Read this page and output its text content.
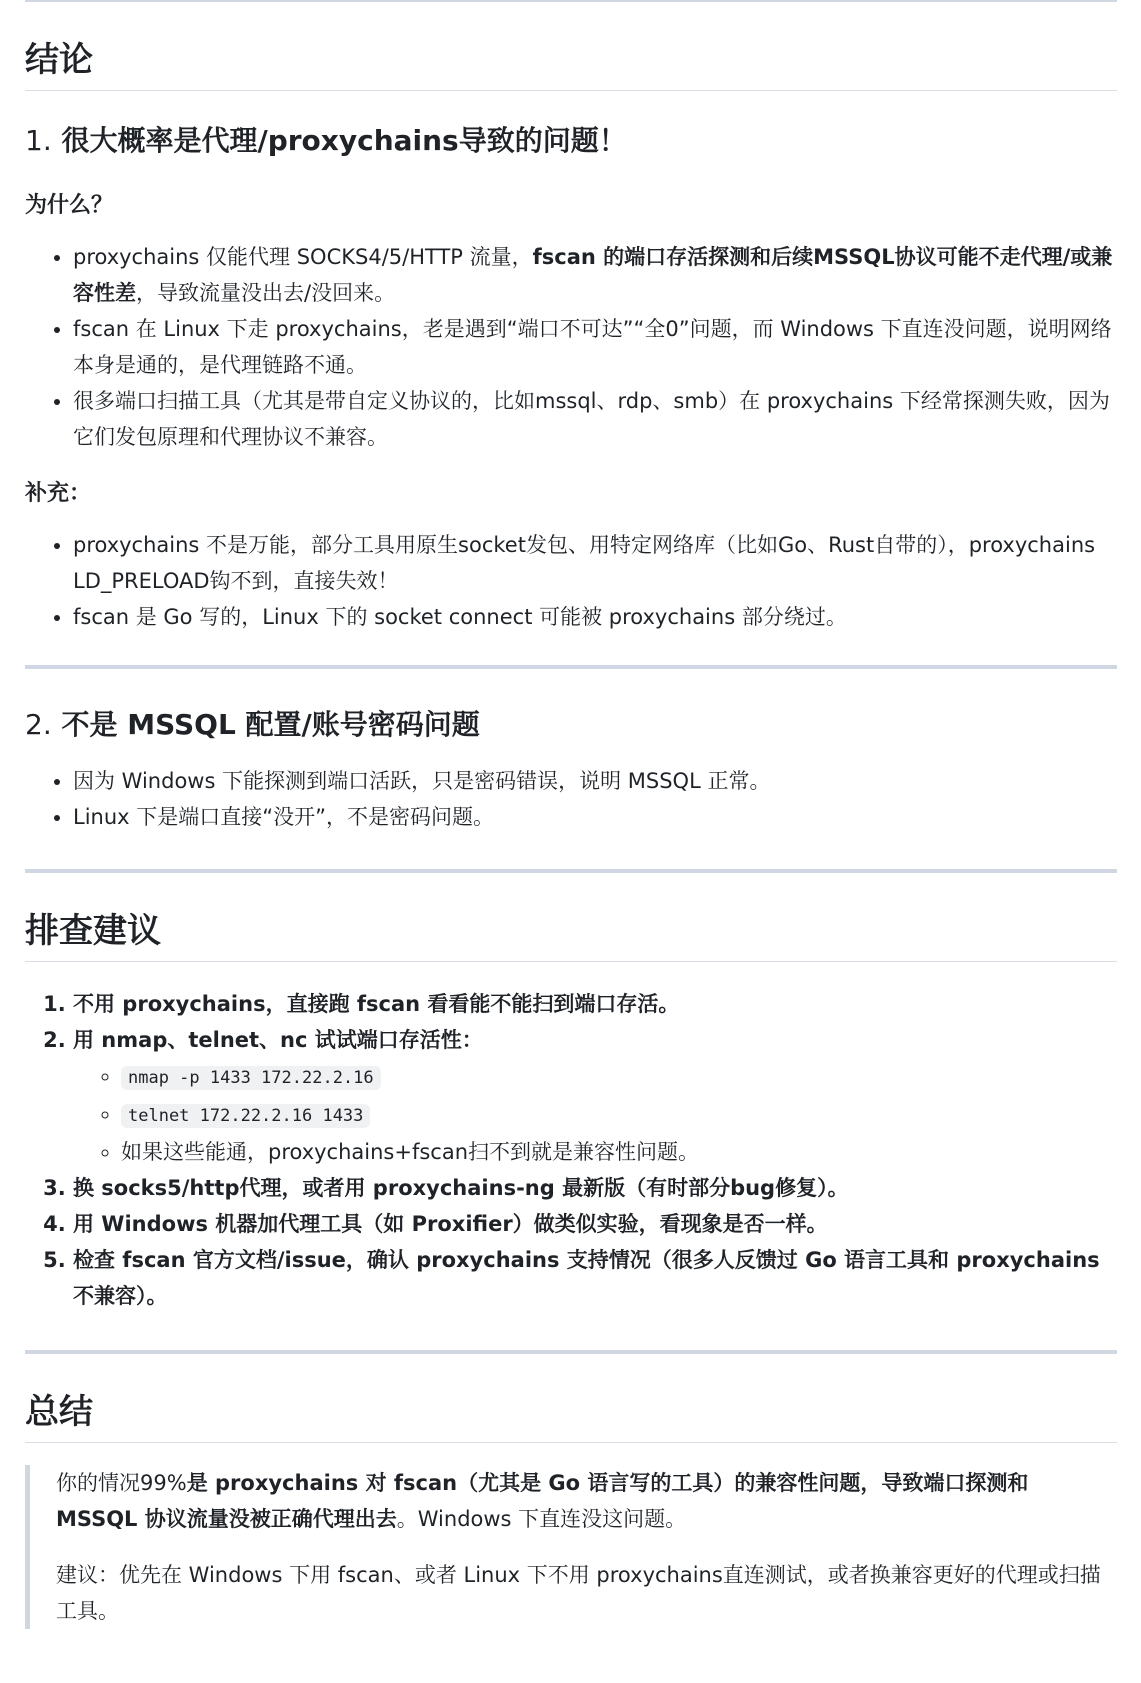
结论
1. 很大概率是代理/proxychains导致的问题！
为什么？
• proxychains 仅能代理 SOCKS4/5/HTTP 流量，fscan 的端口存活探测和后续MSSQL协议可能不走代理/或兼容性差，导致流量没出去/没回来。
• fscan 在 Linux 下走 proxychains，老是遇到“端口不可达”“全0”问题，而 Windows 下直连没问题，说明网络本身是通的，是代理链路不通。
• 很多端口扫描工具（尤其是带自定义协议的，比如mssql、rdp、smb）在 proxychains 下经常探测失败，因为它们发包原理和代理协议不兼容。
补充：
• proxychains 不是万能，部分工具用原生socket发包、用特定网络库（比如Go、Rust自带的），proxychains LD_PRELOAD钩不到，直接失效！
• fscan 是 Go 写的，Linux 下的 socket connect 可能被 proxychains 部分绕过。
2. 不是 MSSQL 配置/账号密码问题
• 因为 Windows 下能探测到端口活跃，只是密码错误，说明 MSSQL 正常。
• Linux 下是端口直接“没开”，不是密码问题。
排查建议
1. 不用 proxychains，直接跑 fscan 看看能不能扫到端口存活。
2. 用 nmap、telnet、nc 试试端口存活性：
◦ nmap -p 1433 172.22.2.16
◦ telnet 172.22.2.16 1433
◦ 如果这些能通，proxychains+fscan扫不到就是兼容性问题。
3. 换 socks5/http代理，或者用 proxychains-ng 最新版（有时部分bug修复）。
4. 用 Windows 机器加代理工具（如 Proxifier）做类似实验，看现象是否一样。
5. 检查 fscan 官方文档/issue，确认 proxychains 支持情况（很多人反馈过 Go 语言工具和 proxychains 不兼容）。
总结

你的情况99%是 proxychains 对 fscan（尤其是 Go 语言写的工具）的兼容性问题，导致端口探测和 MSSQL 协议流量没被正确代理出去。Windows 下直连没这问题。

建议：优先在 Windows 下用 fscan、或者 Linux 下不用 proxychains直连测试，或者换兼容更好的代理或扫描工具。
